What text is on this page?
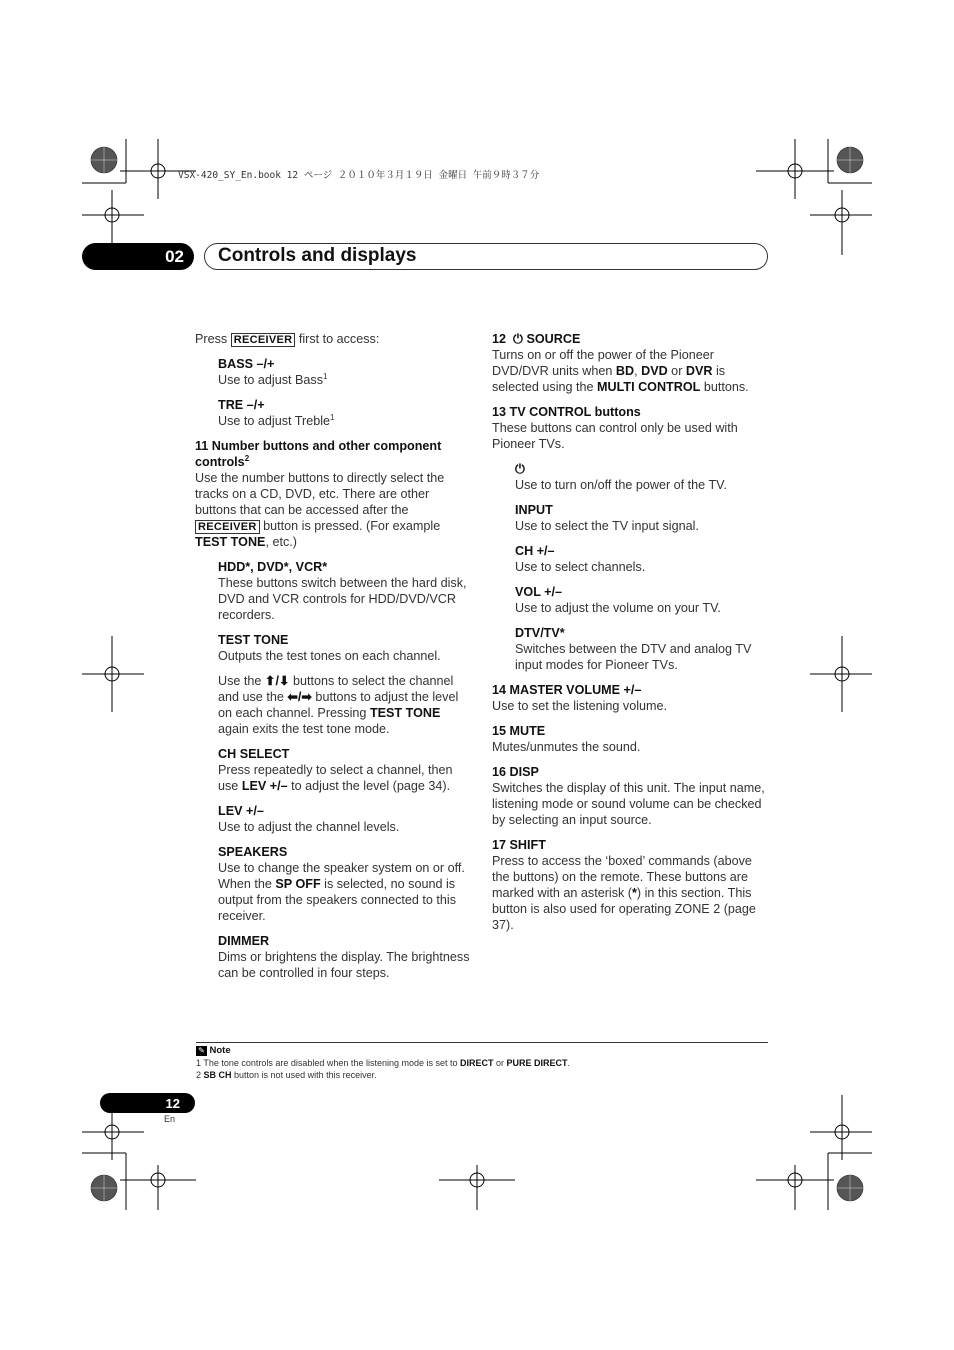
VSX-420_SY_En.book 12 ページ ２０１０年３月１９日 金曜日 午前９時３７分
02	Controls and displays

Press RECEIVER first to access:

BASS –/+

Use to adjust Bass$^1$

TRE –/+

Use to adjust Treble$^1$

11 Number buttons and other component controls$^2$

Use the number buttons to directly select the tracks on a CD, DVD, etc. There are other buttons that can be accessed after the RECEIVER button is pressed. (For example TEST TONE, etc.)

HDD*, DVD*, VCR*

These buttons switch between the hard disk, DVD and VCR controls for HDD/DVD/VCR recorders.

TEST TONE

Outputs the test tones on each channel.

Use the ⬆/⬇ buttons to select the channel and use the ⬅/➡ buttons to adjust the level on each channel. Pressing TEST TONE again exits the test tone mode.

CH SELECT

Press repeatedly to select a channel, then use LEV +/– to adjust the level (page 34).

LEV +/–

Use to adjust the channel levels.

SPEAKERS

Use to change the speaker system on or off. When the SP OFF is selected, no sound is output from the speakers connected to this receiver.

DIMMER

Dims or brightens the display. The brightness can be controlled in four steps.

12 ⏻ SOURCE

Turns on or off the power of the Pioneer DVD/DVR units when BD, DVD or DVR is selected using the MULTI CONTROL buttons.

13 TV CONTROL buttons

These buttons can control only be used with Pioneer TVs.

⏻

Use to turn on/off the power of the TV.

INPUT

Use to select the TV input signal.

CH +/–

Use to select channels.

VOL +/–

Use to adjust the volume on your TV.

DTV/TV*

Switches between the DTV and analog TV input modes for Pioneer TVs.

14 MASTER VOLUME +/–

Use to set the listening volume.

15 MUTE

Mutes/unmutes the sound.

16 DISP

Switches the display of this unit. The input name, listening mode or sound volume can be checked by selecting an input source.

17 SHIFT

Press to access the ‘boxed’ commands (above the buttons) on the remote. These buttons are marked with an asterisk (*) in this section. This button is also used for operating ZONE 2 (page 37).

✎ Note
1 The tone controls are disabled when the listening mode is set to DIRECT or PURE DIRECT.
2 SB CH button is not used with this receiver.
12
En
